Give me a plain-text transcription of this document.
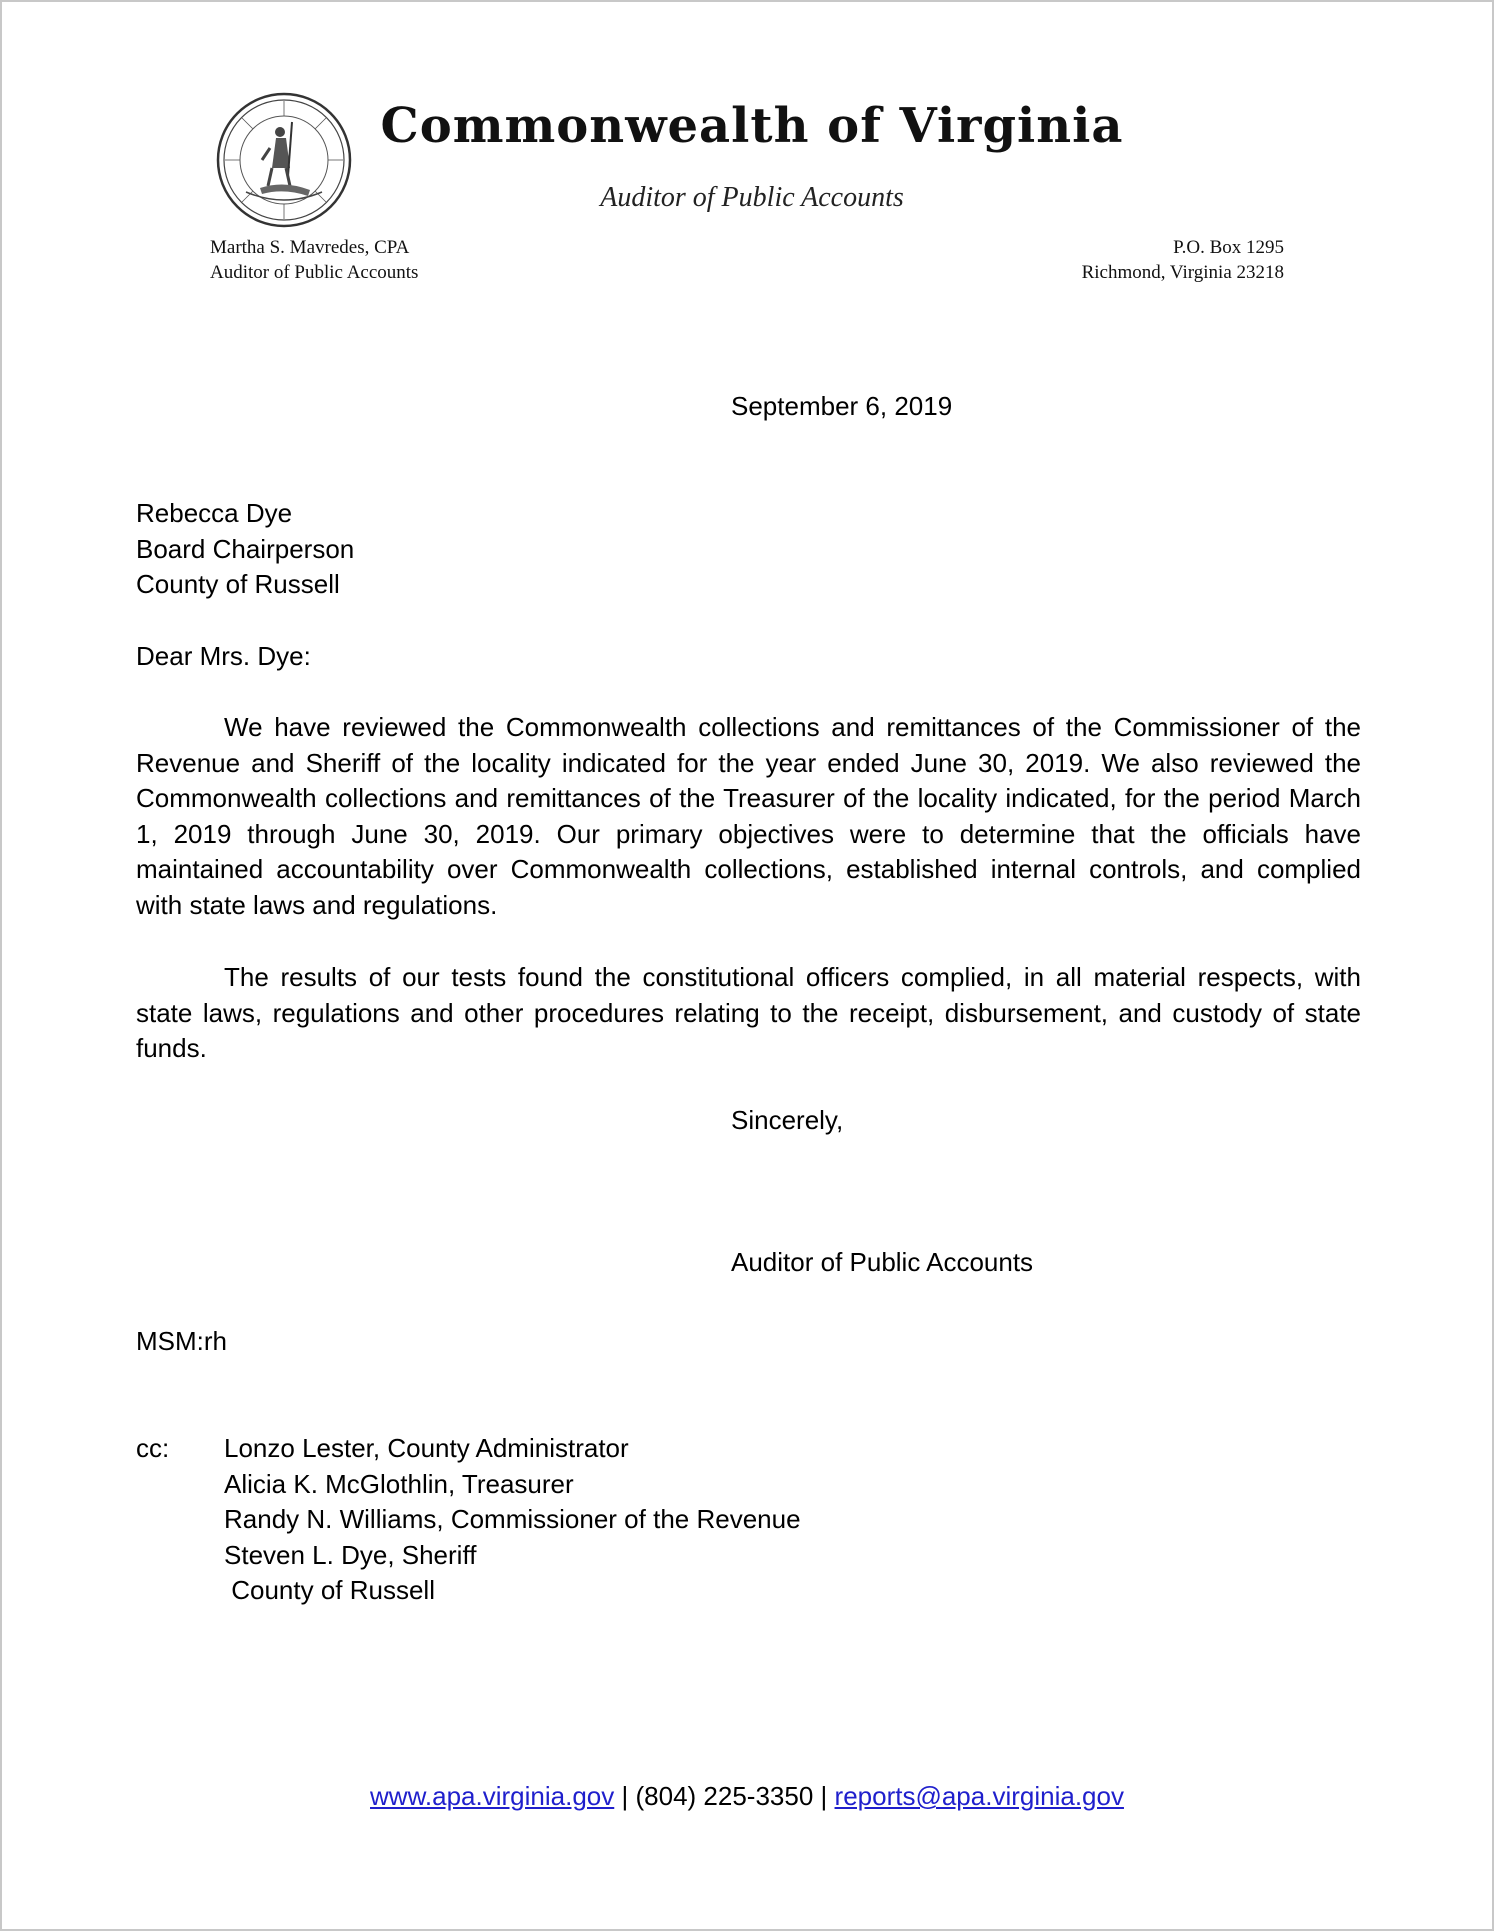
Commonwealth of Virginia
Auditor of Public Accounts
Martha S. Mavredes, CPA
Auditor of Public Accounts
P.O. Box 1295
Richmond, Virginia 23218
September 6, 2019
Rebecca Dye
Board Chairperson
County of Russell
Dear Mrs. Dye:

We have reviewed the Commonwealth collections and remittances of the Commissioner of the Revenue and Sheriff of the locality indicated for the year ended June 30, 2019. We also reviewed the Commonwealth collections and remittances of the Treasurer of the locality indicated, for the period March 1, 2019 through June 30, 2019. Our primary objectives were to determine that the officials have maintained accountability over Commonwealth collections, established internal controls, and complied with state laws and regulations.

The results of our tests found the constitutional officers complied, in all material respects, with state laws, regulations and other procedures relating to the receipt, disbursement, and custody of state funds.

Sincerely,
Auditor of Public Accounts
MSM:rh
cc: Lonzo Lester, County Administrator
Alicia K. McGlothlin, Treasurer
Randy N. Williams, Commissioner of the Revenue
Steven L. Dye, Sheriff
County of Russell
www.apa.virginia.gov | (804) 225-3350 | reports@apa.virginia.gov
